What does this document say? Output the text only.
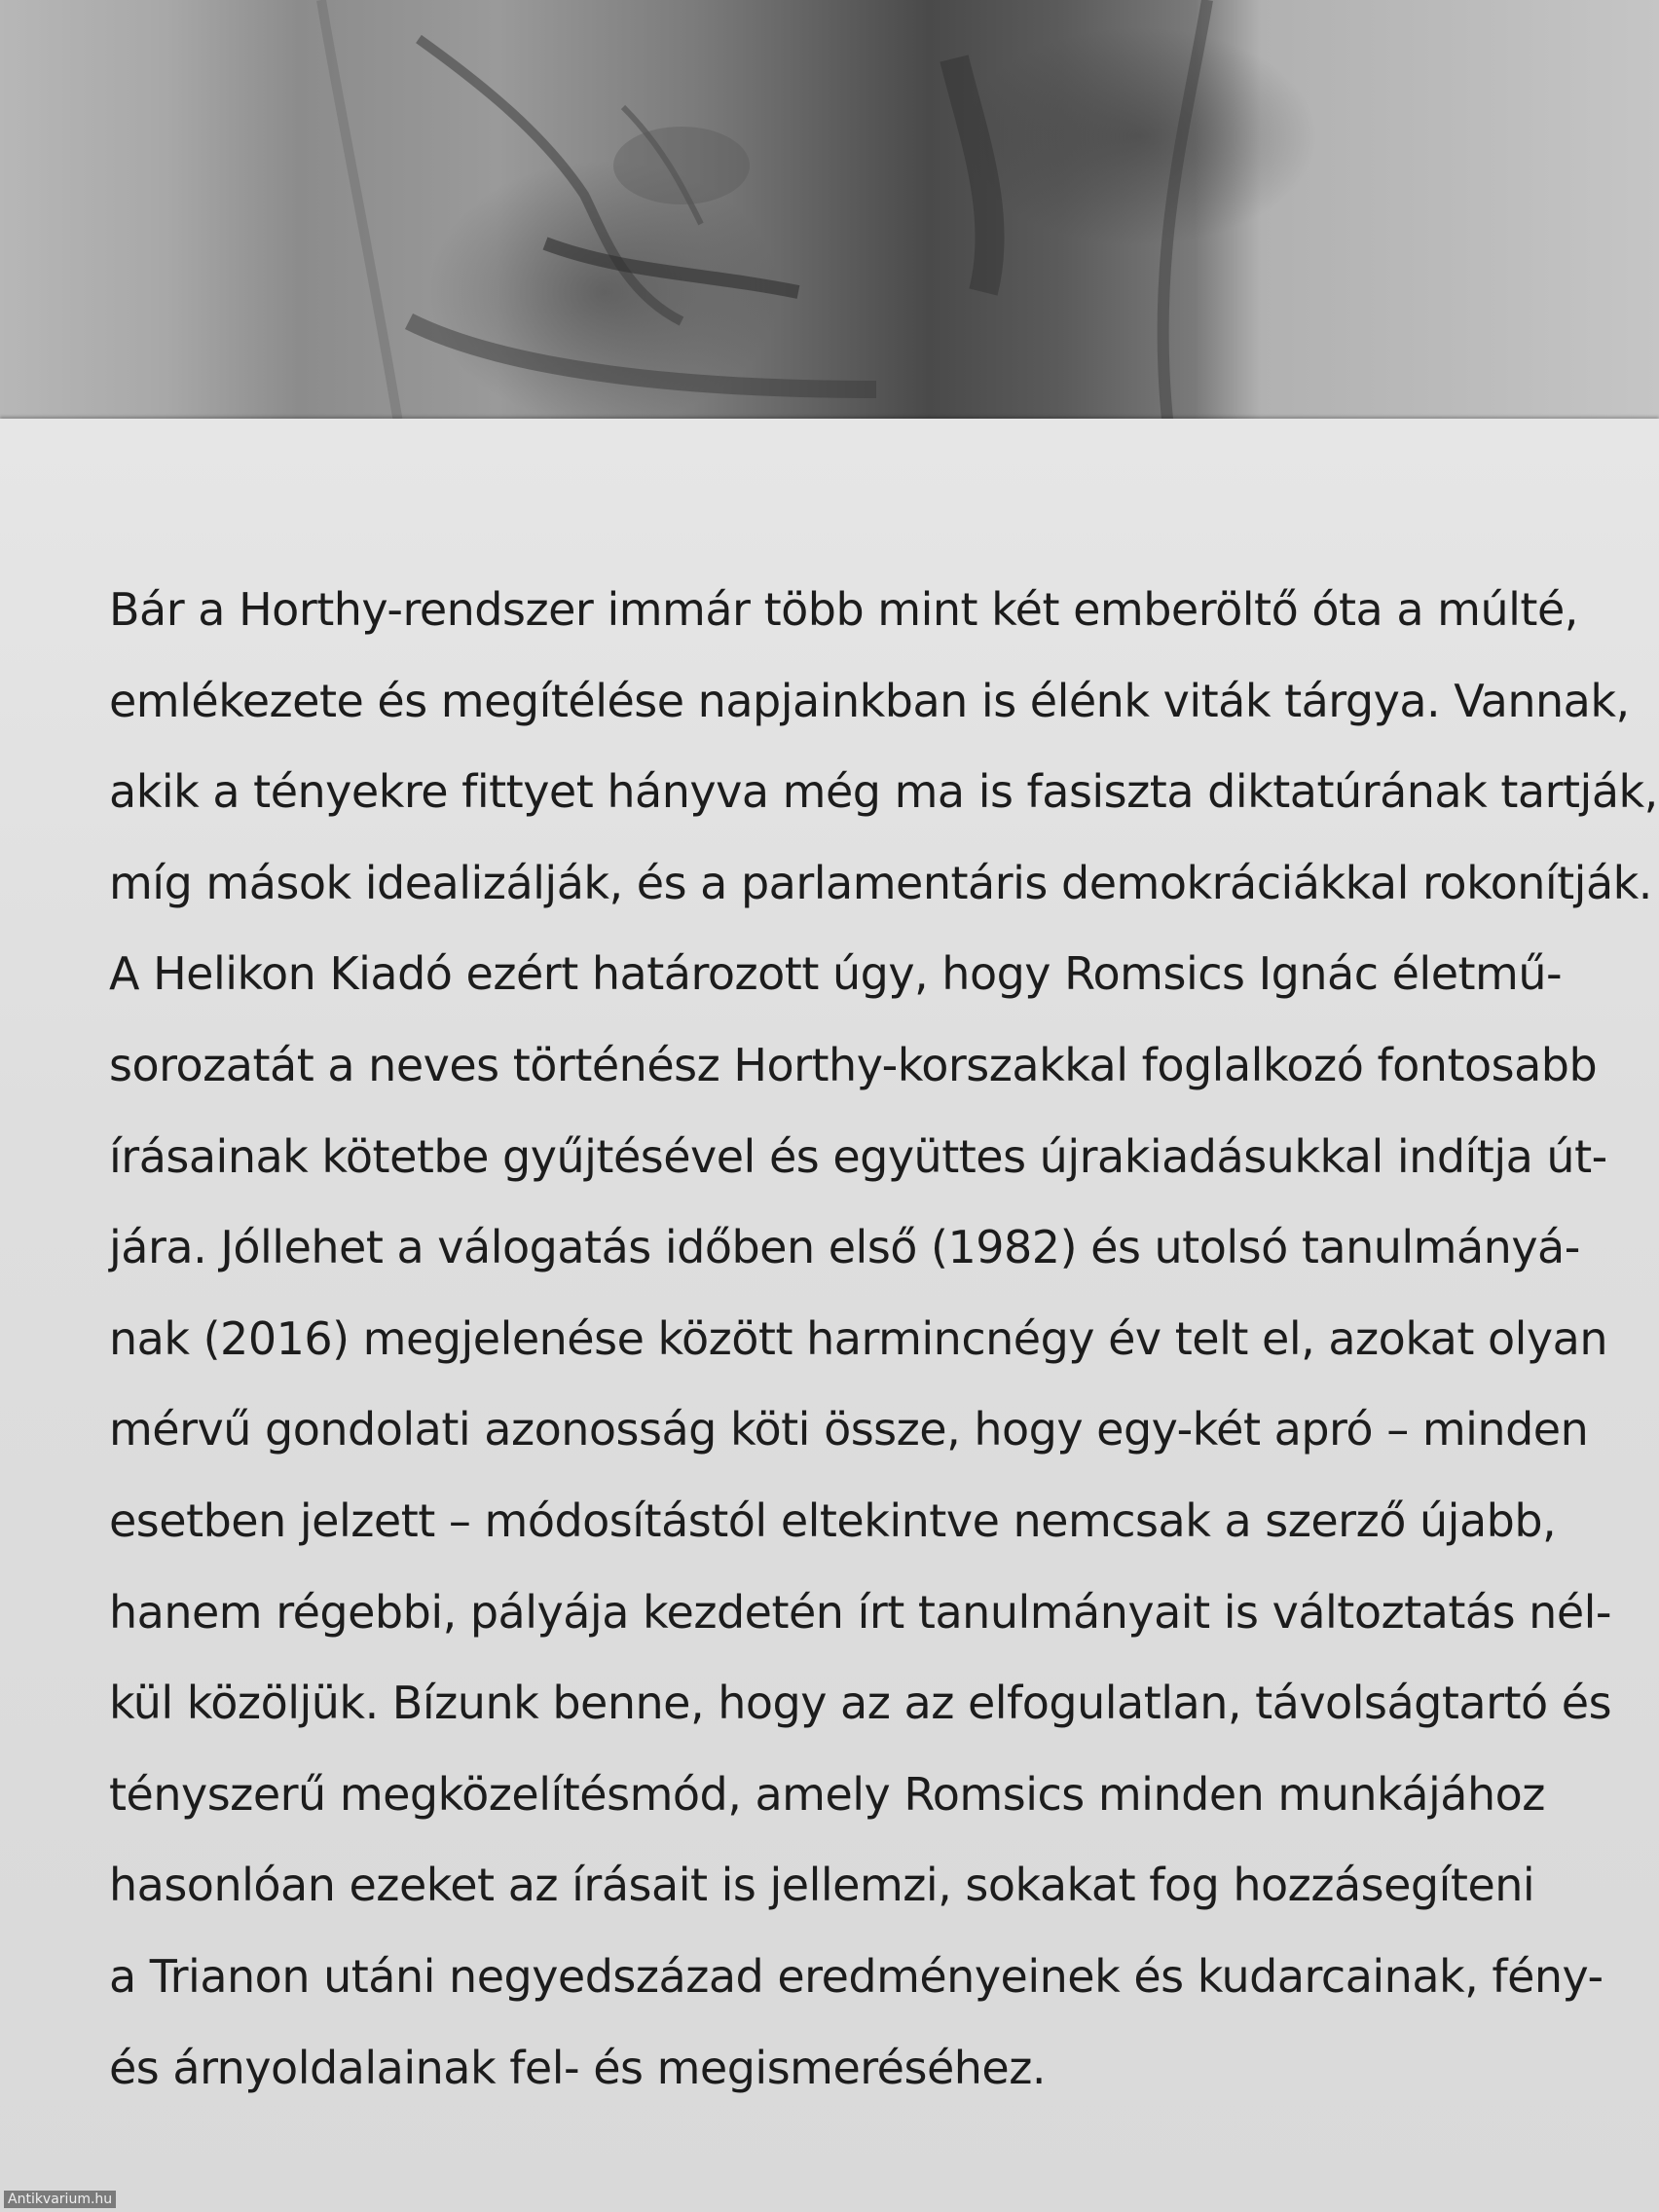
Bár a Horthy-rendszer immár több mint két emberöltő óta a múlté,
emlékezete és megítélése napjainkban is élénk viták tárgya. Vannak,
akik a tényekre fittyet hányva még ma is fasiszta diktatúrának tartják,
míg mások idealizálják, és a parlamentáris demokráciákkal rokonítják.
A Helikon Kiadó ezért határozott úgy, hogy Romsics Ignác életmű-
sorozatát a neves történész Horthy-korszakkal foglalkozó fontosabb
írásainak kötetbe gyűjtésével és együttes újrakiadásukkal indítja út-
jára. Jóllehet a válogatás időben első (1982) és utolsó tanulmányá-
nak (2016) megjelenése között harmincnégy év telt el, azokat olyan
mérvű gondolati azonosság köti össze, hogy egy-két apró – minden
esetben jelzett – módosítástól eltekintve nemcsak a szerző újabb,
hanem régebbi, pályája kezdetén írt tanulmányait is változtatás nél-
kül közöljük. Bízunk benne, hogy az az elfogulatlan, távolságtartó és
tényszerű megközelítésmód, amely Romsics minden munkájához
hasonlóan ezeket az írásait is jellemzi, sokakat fog hozzásegíteni
a Trianon utáni negyedszázad eredményeinek és kudarcainak, fény-
és árnyoldalainak fel- és megismeréséhez.
Antikvarium.hu
